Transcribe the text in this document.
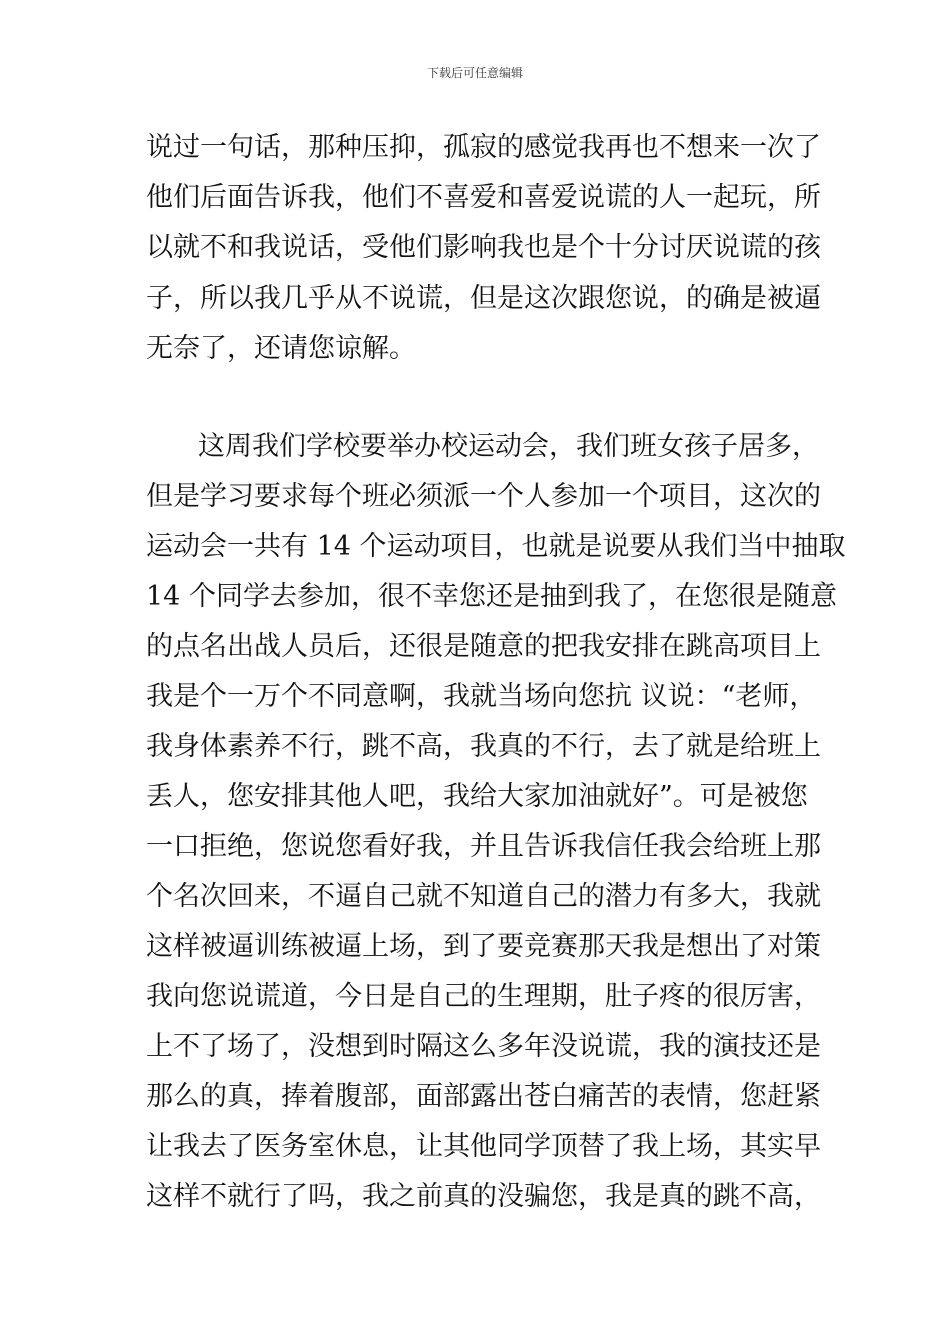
下载后可任意编辑
说过一句话，那种压抑，孤寂的感觉我再也不想来一次了
他们后面告诉我，他们不喜爱和喜爱说谎的人一起玩，所
以就不和我说话，受他们影响我也是个十分讨厌说谎的孩
子，所以我几乎从不说谎，但是这次跟您说，的确是被逼
无奈了，还请您谅解。
这周我们学校要举办校运动会，我们班女孩子居多，
但是学习要求每个班必须派一个人参加一个项目，这次的
运动会一共有 14 个运动项目，也就是说要从我们当中抽取
14 个同学去参加，很不幸您还是抽到我了，在您很是随意
的点名出战人员后，还很是随意的把我安排在跳高项目上
我是个一万个不同意啊，我就当场向您抗 议说：“老师，
我身体素养不行，跳不高，我真的不行，去了就是给班上
丢人，您安排其他人吧，我给大家加油就好”。可是被您
一口拒绝，您说您看好我，并且告诉我信任我会给班上那
个名次回来，不逼自己就不知道自己的潜力有多大，我就
这样被逼训练被逼上场，到了要竞赛那天我是想出了对策
我向您说谎道，今日是自己的生理期，肚子疼的很厉害，
上不了场了，没想到时隔这么多年没说谎，我的演技还是
那么的真，捧着腹部，面部露出苍白痛苦的表情，您赶紧
让我去了医务室休息，让其他同学顶替了我上场，其实早
这样不就行了吗，我之前真的没骗您，我是真的跳不高，
